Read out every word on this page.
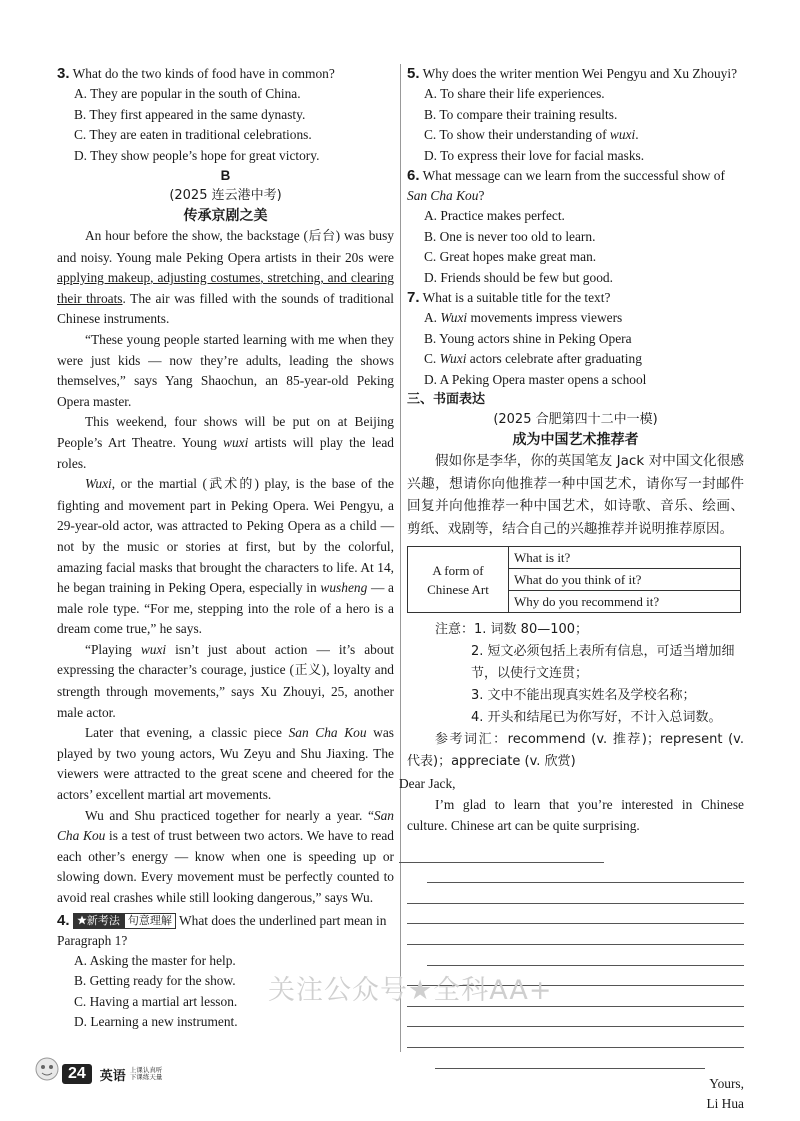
3. What do the two kinds of food have in common?

A. They are popular in the south of China.

B. They first appeared in the same dynasty.

C. They are eaten in traditional celebrations.

D. They show people’s hope for great victory.

B

(2025 连云港中考)

传承京剧之美

An hour before the show, the backstage (后台) was busy and noisy. Young male Peking Opera artists in their 20s were applying makeup, adjusting costumes, stretching, and clearing their throats. The air was filled with the sounds of traditional Chinese instruments.

“These young people started learning with me when they were just kids — now they’re adults, leading the shows themselves,” says Yang Shaochun, an 85-year-old Peking Opera master.

This weekend, four shows will be put on at Beijing People’s Art Theatre. Young wuxi artists will play the lead roles.

Wuxi, or the martial (武术的) play, is the base of the fighting and movement part in Peking Opera. Wei Pengyu, a 29-year-old actor, was attracted to Peking Opera as a child — not by the music or stories at first, but by the colorful, amazing facial masks that brought the characters to life. At 14, he began training in Peking Opera, especially in wusheng — a male role type. “For me, stepping into the role of a hero is a dream come true,” he says.

“Playing wuxi isn’t just about action — it’s about expressing the character’s courage, justice (正义), loyalty and strength through movements,” says Xu Zhouyi, 25, another male actor.

Later that evening, a classic piece San Cha Kou was played by two young actors, Wu Zeyu and Shu Jiaxing. The viewers were attracted to the great scene and cheered for the actors’ excellent martial art movements.

Wu and Shu practiced together for nearly a year. “San Cha Kou is a test of trust between two actors. We have to read each other’s energy — know when one is speeding up or slowing down. Every movement must be perfectly counted to avoid real crashes while still looking dangerous,” says Wu.

4. 新考法 句意理解 What does the underlined part mean in Paragraph 1?

A. Asking the master for help.

B. Getting ready for the show.

C. Having a martial art lesson.

D. Learning a new instrument.

5. Why does the writer mention Wei Pengyu and Xu Zhouyi?

A. To share their life experiences.

B. To compare their training results.

C. To show their understanding of wuxi.

D. To express their love for facial masks.

6. What message can we learn from the successful show of San Cha Kou?

A. Practice makes perfect.

B. One is never too old to learn.

C. Great hopes make great man.

D. Friends should be few but good.

7. What is a suitable title for the text?

A. Wuxi movements impress viewers

B. Young actors shine in Peking Opera

C. Wuxi actors celebrate after graduating

D. A Peking Opera master opens a school

三、书面表达

(2025 合肥第四十二中一模)

成为中国艺术推荐者

假如你是李华，你的英国笔友 Jack 对中国文化很感兴趣，想请你向他推荐一种中国艺术，请你写一封邮件回复并向他推荐一种中国艺术，如诗歌、音乐、绘画、剪纸、戏剧等，结合自己的兴趣推荐并说明推荐原因。

A form of Chinese Art	What is it?
What do you think of it?
Why do you recommend it?

注意：1. 词数 80—100；

2. 短文必须包括上表所有信息，可适当增加细节，以使行文连贯；

3. 文中不能出现真实姓名及学校名称；

4. 开头和结尾已为你写好，不计入总词数。

参考词汇：recommend (v. 推荐)；represent (v. 代表)；appreciate (v. 欣赏)

Dear Jack,

I’m glad to learn that you’re interested in Chinese culture. Chinese art can be quite surprising.

Yours,

Li Hua

关注公众号★全科AA+
24	英语 上课认真听
下课练天量
